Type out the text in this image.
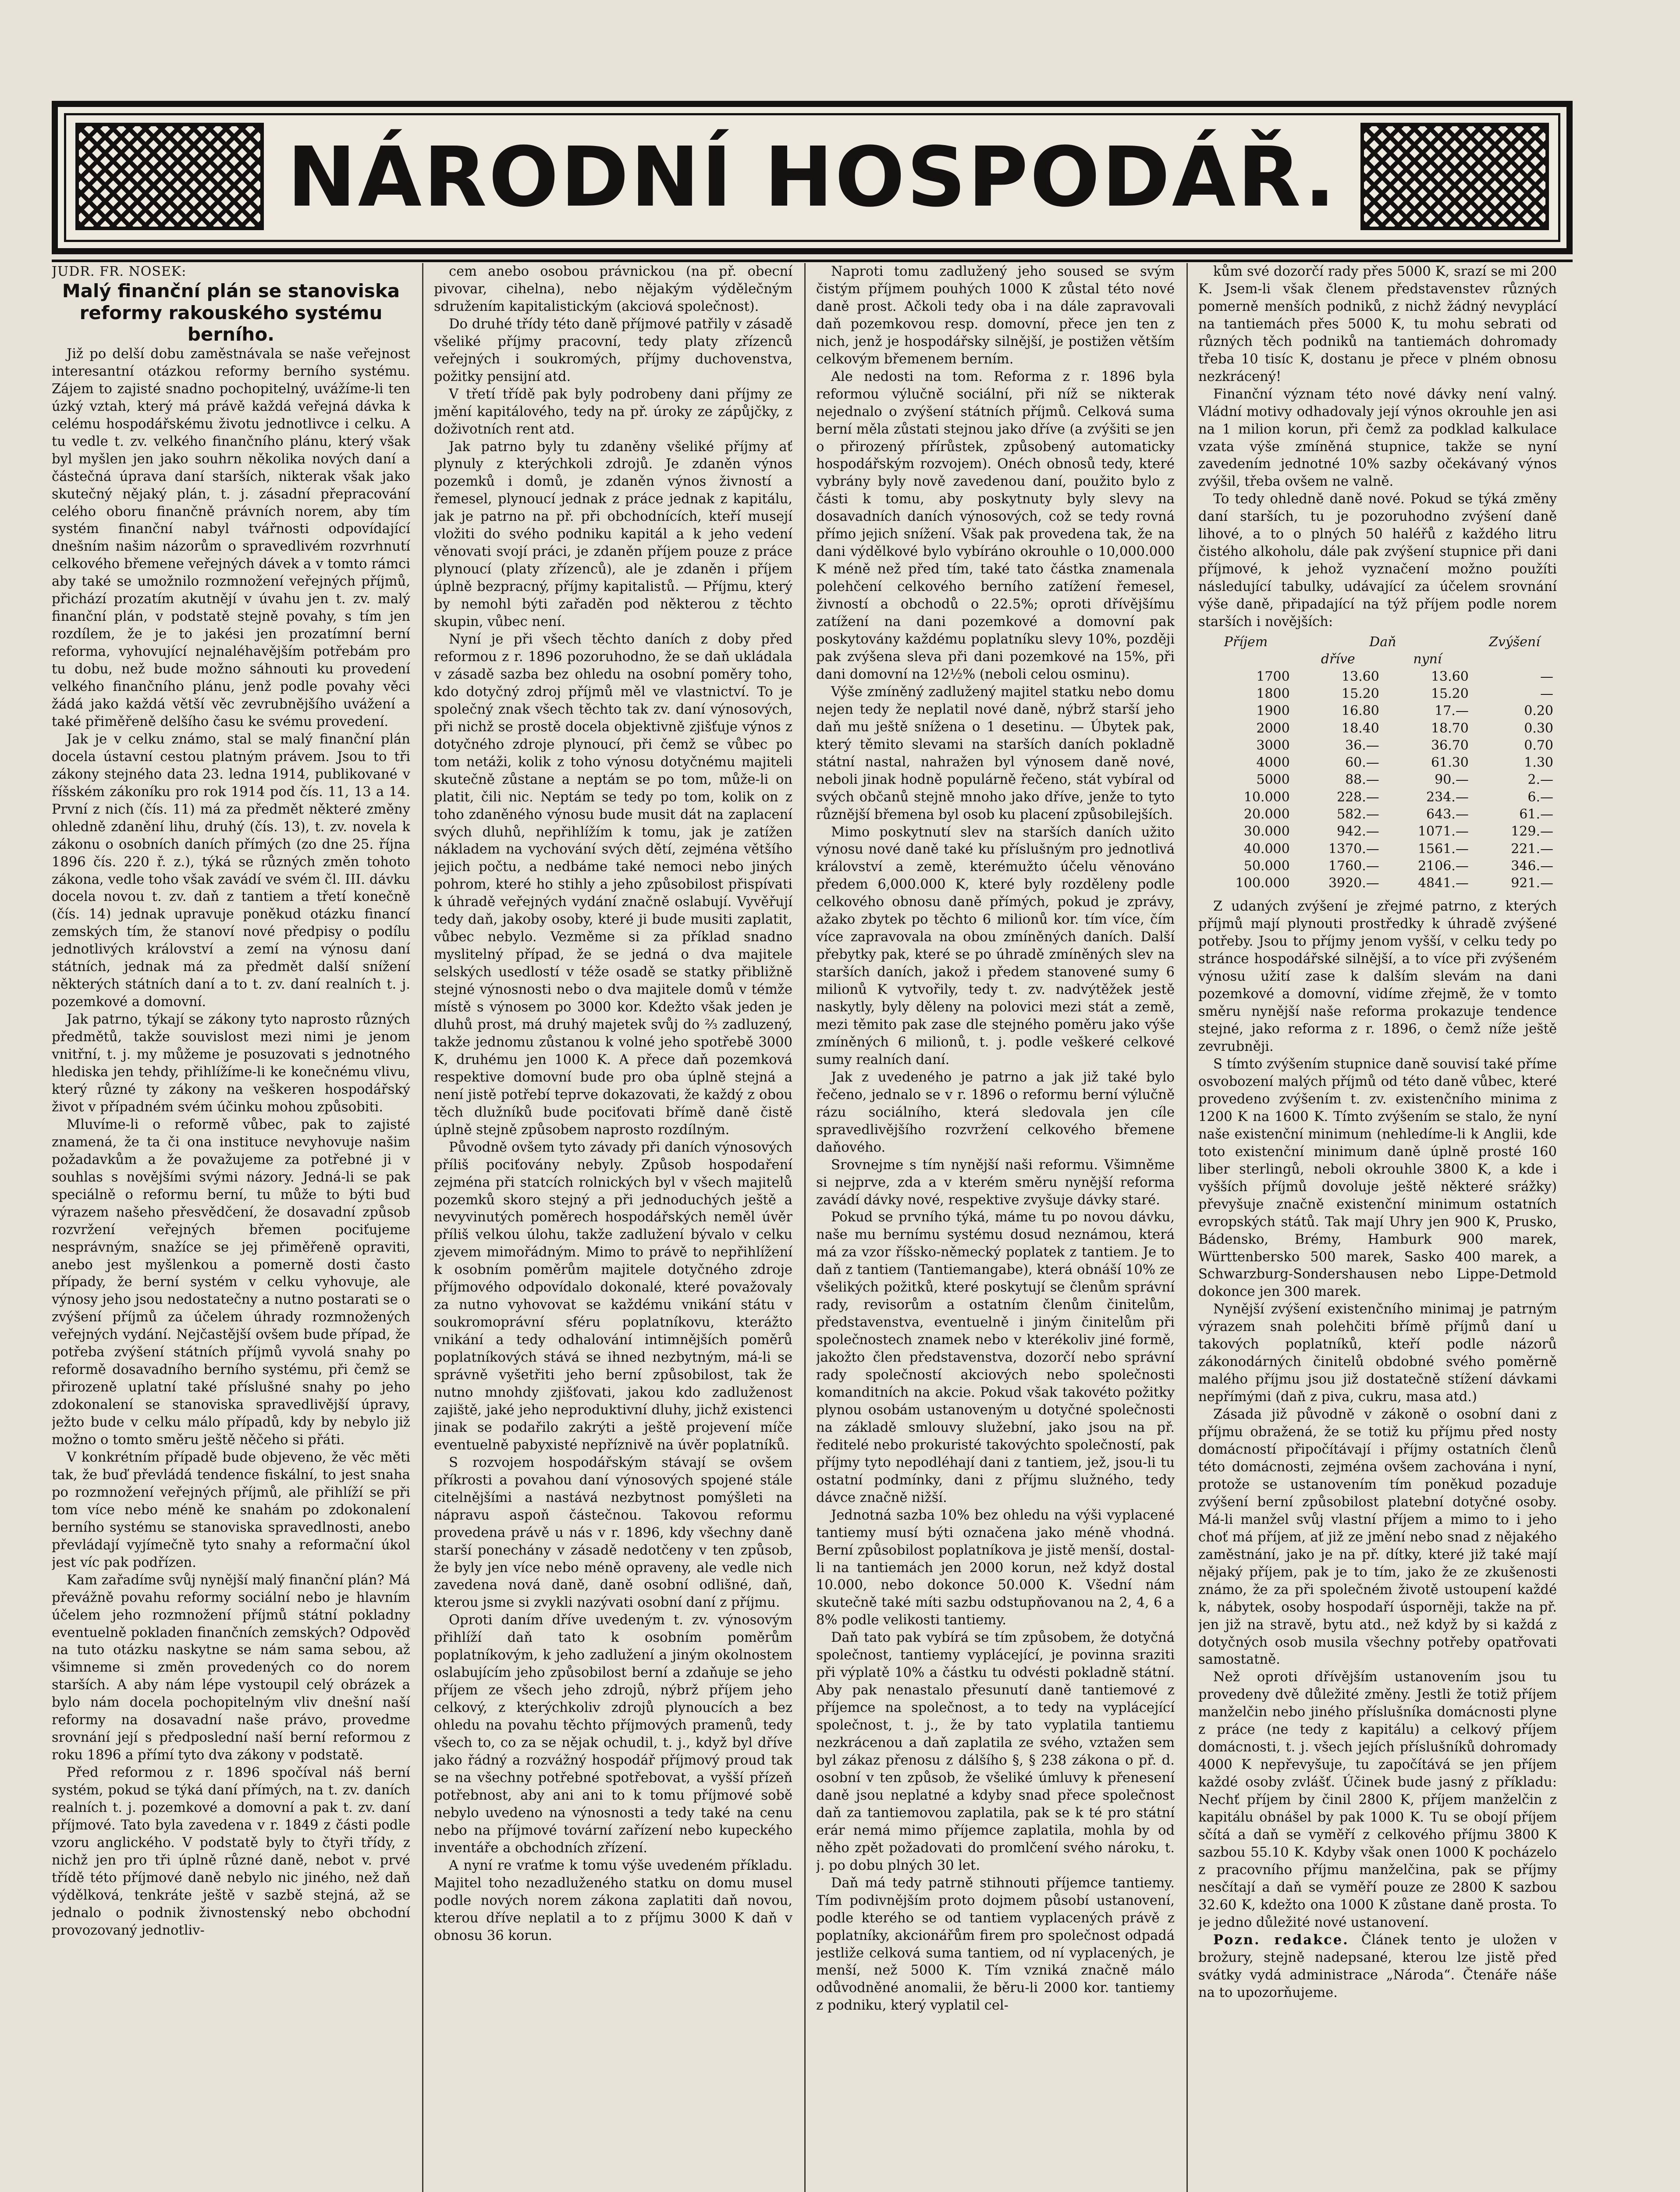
NÁRODNÍ HOSPODÁŘ.

JUDR. FR. NOSEK:

Malý finanční plán se stanoviska reformy rakouského systému berního.

Již po delší dobu zaměstnávala se naše veřejnost interesantní otázkou reformy berního systému. Zájem to zajisté snadno pochopitelný, uvážíme-li ten úzký vztah, který má právě každá veřejná dávka k celému hospodářskému životu jednotlivce i celku. A tu vedle t. zv. velkého finančního plánu, který však byl myšlen jen jako souhrn několika nových daní a částečná úprava daní starších, nikterak však jako skutečný nějaký plán, t. j. zásadní přepracování celého oboru finančně právních norem, aby tím systém finanční nabyl tvářnosti odpovídající dnešním našim názorům o spravedlivém rozvrhnutí celkového břemene veřejných dávek a v tomto rámci aby také se umožnilo rozmnožení veřejných příjmů, přichází prozatím akutnějí v úvahu jen t. zv. malý finanční plán, v podstatě stejně povahy, s tím jen rozdílem, že je to jakési jen prozatímní berní reforma, vyhovující nejnaléhavějším potřebám pro tu dobu, než bude možno sáhnouti ku provedení velkého finančního plánu, jenž podle povahy věci žádá jako každá větší věc zevrubnějšího uvážení a také přiměřeně delšího času ke svému provedení.

Jak je v celku známo, stal se malý finanční plán docela ústavní cestou platným právem. Jsou to tři zákony stejného data 23. ledna 1914, publikované v říšském zákoníku pro rok 1914 pod čís. 11, 13 a 14. První z nich (čís. 11) má za předmět některé změny ohledně zdanění lihu, druhý (čís. 13), t. zv. novela k zákonu o osobních daních přímých (zo dne 25. října 1896 čís. 220 ř. z.), týká se různých změn tohoto zákona, vedle toho však zavádí ve svém čl. III. dávku docela novou t. zv. daň z tantiem a třetí konečně (čís. 14) jednak upravuje poněkud otázku financí zemských tím, že stanoví nové předpisy o podílu jednotlivých království a zemí na výnosu daní státních, jednak má za předmět další snížení některých státních daní a to t. zv. daní realních t. j. pozemkové a domovní.

Jak patrno, týkají se zákony tyto naprosto různých předmětů, takže souvislost mezi nimi je jenom vnitřní, t. j. my můžeme je posuzovati s jednotného hlediska jen tehdy, přihlížíme-li ke konečnému vlivu, který různé ty zákony na veškeren hospodářský život v případném svém účinku mohou způsobiti.

Mluvíme-li o reformě vůbec, pak to zajisté znamená, že ta či ona instituce nevyhovuje našim požadavkům a že považujeme za potřebné ji v souhlas s novějšími svými názory. Jedná-li se pak speciálně o reformu berní, tu může to býti buď výrazem našeho přesvědčení, že dosavadní způsob rozvržení veřejných břemen pociťujeme nesprávným, snažíce se jej přiměřeně opraviti, anebo jest myšlenkou a pomerně dosti často případy, že berní systém v celku vyhovuje, ale výnosy jeho jsou nedostatečny a nutno postarati se o zvýšení příjmů za účelem úhrady rozmnožených veřejných vydání. Nejčastější ovšem bude případ, že potřeba zvýšení státních příjmů vyvolá snahy po reformě dosavadního berního systému, při čemž se přirozeně uplatní také příslušné snahy po jeho zdokonalení se stanoviska spravedlivější úpravy, ježto bude v celku málo případů, kdy by nebylo již možno o tomto směru ještě něčeho si přáti.

V konkrétním případě bude objeveno, že věc měti tak, že buď převládá tendence fiskální, to jest snaha po rozmnožení veřejných příjmů, ale přihlíží se při tom více nebo méně ke snahám po zdokonalení berního systému se stanoviska spravedlnosti, anebo převládají vyjímečně tyto snahy a reformační úkol jest víc pak podřízen.

Kam zařadíme svůj nynější malý finanční plán? Má převážně povahu reformy sociální nebo je hlavním účelem jeho rozmnožení příjmů státní pokladny eventuelně pokladen finančních zemských? Odpověď na tuto otázku naskytne se nám sama sebou, až všimneme si změn provedených co do norem starších. A aby nám lépe vystoupil celý obrázek a bylo nám docela pochopitelným vliv dnešní naší reformy na dosavadní naše právo, provedme srovnání její s předposlední naší berní reformou z roku 1896 a přímí tyto dva zákony v podstatě.

Před reformou z r. 1896 spočíval náš berní systém, pokud se týká daní přímých, na t. zv. daních realních t. j. pozemkové a domovní a pak t. zv. daní příjmové. Tato byla zavedena v r. 1849 z části podle vzoru anglického. V podstatě byly to čtyři třídy, z nichž jen pro tři úplně různé daně, nebot v. prvé třídě této příjmové daně nebylo nic jiného, než daň výdělková, tenkráte ještě v sazbě stejná, až se jednalo o podnik živnostenský nebo obchodní provozovaný jednotliv-

cem anebo osobou právnickou (na př. obecní pivovar, cihelna), nebo nějakým výdělečným sdružením kapitalistickým (akciová společnost).

Do druhé třídy této daně příjmové patřily v zásadě všeliké příjmy pracovní, tedy platy zřízenců veřejných i soukromých, příjmy duchovenstva, požitky pensijní atd.

V třetí třídě pak byly podrobeny dani příjmy ze jmění kapitálového, tedy na př. úroky ze zápůjčky, z doživotních rent atd.

Jak patrno byly tu zdaněny všeliké příjmy ať plynuly z kterýchkoli zdrojů. Je zdaněn výnos pozemků i domů, je zdaněn výnos živností a řemesel, plynoucí jednak z práce jednak z kapitálu, jak je patrno na př. při obchodnících, kteří musejí vložiti do svého podniku kapitál a k jeho vedení věnovati svojí práci, je zdaněn příjem pouze z práce plynoucí (platy zřízenců), ale je zdaněn i příjem úplně bezpracný, příjmy kapitalistů. — Příjmu, který by nemohl býti zařaděn pod některou z těchto skupin, vůbec není.

Nyní je při všech těchto daních z doby před reformou z r. 1896 pozoruhodno, že se daň ukládala v zásadě sazba bez ohledu na osobní poměry toho, kdo dotyčný zdroj příjmů měl ve vlastnictví. To je společný znak všech těchto tak zv. daní výnosových, při nichž se prostě docela objektivně zjišťuje výnos z dotyčného zdroje plynoucí, při čemž se vůbec po tom netáži, kolik z toho výnosu dotyčnému majiteli skutečně zůstane a neptám se po tom, může-li on platit, čili nic. Neptám se tedy po tom, kolik on z toho zdaněného výnosu bude musit dát na zaplacení svých dluhů, nepřihlížím k tomu, jak je zatížen nákladem na vychování svých dětí, zejména většího jejich počtu, a nedbáme také nemoci nebo jiných pohrom, které ho stihly a jeho způsobilost přispívati k úhradě veřejných vydání značně oslabují. Vyvěřují tedy daň, jakoby osoby, které ji bude musiti zaplatit, vůbec nebylo. Vezměme si za příklad snadno myslitelný případ, že se jedná o dva majitele selských usedlostí v téže osadě se statky přibližně stejné výnosnosti nebo o dva majitele domů v témže místě s výnosem po 3000 kor. Kdežto však jeden je dluhů prost, má druhý majetek svůj do ⅔ zadluzený, takže jednomu zůstanou k volné jeho spotřebě 3000 K, druhému jen 1000 K. A přece daň pozemková respektive domovní bude pro oba úplně stejná a není jistě potřebí teprve dokazovati, že každý z obou těch dlužníků bude pociťovati břímě daně čistě úplně stejně způsobem naprosto rozdílným.

Původně ovšem tyto závady při daních výnosových příliš pociťovány nebyly. Způsob hospodaření zejména při statcích rolnických byl v všech majitelů pozemků skoro stejný a při jednoduchých ještě a nevyvinutých poměrech hospodářských neměl úvěr příliš velkou úlohu, takže zadlužení bývalo v celku zjevem mimořádným. Mimo to právě to nepřihlížení k osobním poměrům majitele dotyčného zdroje příjmového odpovídalo dokonalé, které považovaly za nutno vyhovovat se každému vnikání státu v soukromoprávní sféru poplatníkovu, kterážto vnikání a tedy odhalování intimnějších poměrů poplatníkových stává se ihned nezbytným, má-li se správně vyšetřiti jeho berní způsobilost, tak že nutno mnohdy zjišťovati, jakou kdo zadluženost zajiště, jaké jeho neproduktivní dluhy, jichž existenci jinak se podařilo zakrýti a ještě projevení míče eventuelně pabyxisté nepříznivě na úvěr poplatníků.

S rozvojem hospodářským stávají se ovšem příkrosti a povahou daní výnosových spojené stále citelnějšími a nastává nezbytnost pomýšleti na nápravu aspoň částečnou. Takovou reformu provedena právě u nás v r. 1896, kdy všechny daně starší ponechány v zásadě nedotčeny v ten způsob, že byly jen více nebo méně opraveny, ale vedle nich zavedena nová daně, daně osobní odlišné, daň, kterou jsme si zvykli nazývati osobní daní z příjmu.

Oproti daním dříve uvedeným t. zv. výnosovým přihlíží daň tato k osobním poměrům poplatníkovým, k jeho zadlužení a jiným okolnostem oslabujícím jeho způsobilost berní a zdaňuje se jeho příjem ze všech jeho zdrojů, nýbrž příjem jeho celkový, z kterýchkoliv zdrojů plynoucích a bez ohledu na povahu těchto příjmových pramenů, tedy všech to, co za se nějak ochudil, t. j., když byl dříve jako řádný a rozvážný hospodář příjmový proud tak se na všechny potřebné spotřebovat, a vyšší přízeň potřebnost, aby ani ani to k tomu příjmové sobě nebylo uvedeno na výnosnosti a tedy také na cenu nebo na příjmové tovární zařízení nebo kupeckého inventáře a obchodních zřízení.

A nyní re vraťme k tomu výše uvedeném příkladu. Majitel toho nezadluženého statku on domu musel podle nových norem zákona zaplatiti daň novou, kterou dříve neplatil a to z příjmu 3000 K daň v obnosu 36 korun.

Naproti tomu zadlužený jeho soused se svým čistým příjmem pouhých 1000 K zůstal této nové daně prost. Ačkoli tedy oba i na dále zapravovali daň pozemkovou resp. domovní, přece jen ten z nich, jenž je hospodářsky silnější, je postižen větším celkovým břemenem berním.

Ale nedosti na tom. Reforma z r. 1896 byla reformou výlučně sociální, při níž se nikterak nejednalo o zvýšení státních příjmů. Celková suma berní měla zůstati stejnou jako dříve (a zvýšiti se jen o přirozený přírůstek, způsobený automaticky hospodářským rozvojem). Onéch obnosů tedy, které vybrány byly nově zavedenou daní, použito bylo z části k tomu, aby poskytnuty byly slevy na dosavadních daních výnosových, což se tedy rovná přímo jejich snížení. Však pak provedena tak, že na dani výdělkové bylo vybíráno okrouhle o 10,000.000 K méně než před tím, také tato částka znamenala polehčení celkového berního zatížení řemesel, živností a obchodů o 22.5%; oproti dřívějšímu zatížení na dani pozemkové a domovní pak poskytovány každému poplatníku slevy 10%, později pak zvýšena sleva při dani pozemkové na 15%, při dani domovní na 12½% (neboli celou osminu).

Výše zmíněný zadlužený majitel statku nebo domu nejen tedy že neplatil nové daně, nýbrž starší jeho daň mu ještě snížena o 1 desetinu. — Úbytek pak, který těmito slevami na starších daních pokladně státní nastal, nahražen byl výnosem daně nové, neboli jinak hodně populárně řečeno, stát vybíral od svých občanů stejně mnoho jako dříve, jenže to tyto různější břemena byl osob ku placení způsobilejších.

Mimo poskytnutí slev na starších daních užito výnosu nové daně také ku příslušným pro jednotlivá království a země, kterémužto účelu věnováno předem 6,000.000 K, které byly rozděleny podle celkového obnosu daně přímých, pokud je zprávy, ažako zbytek po těchto 6 milionů kor. tím více, čím více zapravovala na obou zmíněných daních. Další přebytky pak, které se po úhradě zmíněných slev na starších daních, jakož i předem stanovené sumy 6 milionů K vytvořily, tedy t. zv. nadvýtěžek jestě naskytly, byly děleny na polovici mezi stát a země, mezi těmito pak zase dle stejného poměru jako výše zmíněných 6 milionů, t. j. podle veškeré celkové sumy realních daní.

Jak z uvedeného je patrno a jak již také bylo řečeno, jednalo se v r. 1896 o reformu berní výlučně rázu sociálního, která sledovala jen cíle spravedlivějšího rozvržení celkového břemene daňového.

Srovnejme s tím nynější naši reformu. Všimněme si nejprve, zda a v kterém směru nynější reforma zavádí dávky nové, respektive zvyšuje dávky staré.

Pokud se prvního týká, máme tu po novou dávku, naše mu bernímu systému dosud neznámou, která má za vzor říšsko-německý poplatek z tantiem. Je to daň z tantiem (Tantiemangabe), která obnáší 10% ze všelikých požitků, které poskytují se členům správní rady, revisorům a ostatním členům činitelům, představenstva, eventuelně i jiným činitelům při společnostech znamek nebo v kterékoliv jiné formě, jakožto člen představenstva, dozorčí nebo správní rady společností akciových nebo společnosti komanditních na akcie. Pokud však takovéto požitky plynou osobám ustanoveným u dotyčné společnosti na základě smlouvy služební, jako jsou na př. ředitelé nebo prokuristé takovýchto společností, pak příjmy tyto nepodléhají dani z tantiem, jež, jsou-li tu ostatní podmínky, dani z příjmu služného, tedy dávce značně nižší.

Jednotná sazba 10% bez ohledu na výši vyplacené tantiemy musí býti označena jako méně vhodná. Berní způsobilost poplatníkova je jistě menší, dostal-li na tantiemách jen 2000 korun, než když dostal 10.000, nebo dokonce 50.000 K. Všední nám skutečně také míti sazbu odstupňovanou na 2, 4, 6 a 8% podle velikosti tantiemy.

Daň tato pak vybírá se tím způsobem, že dotyčná společnost, tantiemy vyplácející, je povinna sraziti při výplatě 10% a částku tu odvésti pokladně státní. Aby pak nenastalo přesunutí daně tantiemové z příjemce na společnost, a to tedy na vyplácející společnost, t. j., že by tato vyplatila tantiemu nezkrácenou a daň zaplatila ze svého, vztažen sem byl zákaz přenosu z dálšího §, § 238 zákona o př. d. osobní v ten způsob, že všeliké úmluvy k přenesení daně jsou neplatné a kdyby snad přece společnost daň za tantiemovou zaplatila, pak se k té pro státní erár nemá mimo příjemce zaplatila, mohla by od něho zpět požadovati do promlčení svého nároku, t. j. po dobu plných 30 let.

Daň má tedy patrně stihnouti příjemce tantiemy. Tím podivnějším proto dojmem působí ustanovení, podle kterého se od tantiem vyplacených právě z poplatníky, akcionářům firem pro společnost odpadá jestliže celková suma tantiem, od ní vyplacených, je menší, než 5000 K. Tím vzniká značně málo odůvodněné anomalii, že běru-li 2000 kor. tantiemy z podniku, který vyplatil cel-

kům své dozorčí rady přes 5000 K, srazí se mi 200 K. Jsem-li však členem představenstev různých pomerně menších podniků, z nichž žádný nevyplácí na tantiemách přes 5000 K, tu mohu sebrati od různých těch podniků na tantiemách dohromady třeba 10 tisíc K, dostanu je přece v plném obnosu nezkrácený!

Finanční význam této nové dávky není valný. Vládní motivy odhadovaly její výnos okrouhle jen asi na 1 milion korun, při čemž za podklad kalkulace vzata výše zmíněná stupnice, takže se nyní zavedením jednotné 10% sazby očekávaný výnos zvýšil, třeba ovšem ne valně.

To tedy ohledně daně nové. Pokud se týká změny daní starších, tu je pozoruhodno zvýšení daně lihové, a to o plných 50 haléřů z každého litru čistého alkoholu, dále pak zvýšení stupnice při dani příjmové, k jehož vyznačení možno použíti následující tabulky, udávající za účelem srovnání výše daně, připadající na týž příjem podle norem starších i novějších:

Příjem	Daň		Zvýšení
	dříve	nyní	
1700	13.60	13.60	—
1800	15.20	15.20	—
1900	16.80	17.—	0.20
2000	18.40	18.70	0.30
3000	36.—	36.70	0.70
4000	60.—	61.30	1.30
5000	88.—	90.—	2.—
10.000	228.—	234.—	6.—
20.000	582.—	643.—	61.—
30.000	942.—	1071.—	129.—
40.000	1370.—	1561.—	221.—
50.000	1760.—	2106.—	346.—
100.000	3920.—	4841.—	921.—

Z udaných zvýšení je zřejmé patrno, z kterých příjmů mají plynouti prostředky k úhradě zvýšené potřeby. Jsou to příjmy jenom vyšší, v celku tedy po stránce hospodářské silnější, a to více při zvýšeném výnosu užití zase k dalším slevám na dani pozemkové a domovní, vidíme zřejmě, že v tomto směru nynější naše reforma prokazuje tendence stejné, jako reforma z r. 1896, o čemž níže ještě zevrubněji.

S tímto zvýšením stupnice daně souvisí také příme osvobození malých příjmů od této daně vůbec, které provedeno zvýšením t. zv. existenčního minima z 1200 K na 1600 K. Tímto zvýšením se stalo, že nyní naše existenční minimum (nehledíme-li k Anglii, kde toto existenční minimum daně úplně prosté 160 liber sterlingů, neboli okrouhle 3800 K, a kde i vyšších příjmů dovoluje ještě některé srážky) převyšuje značně existenční minimum ostatních evropských států. Tak mají Uhry jen 900 K, Prusko, Bádensko, Brémy, Hamburk 900 marek, Württenbersko 500 marek, Sasko 400 marek, a Schwarzburg-Sondershausen nebo Lippe-Detmold dokonce jen 300 marek.

Nynější zvýšení existenčního minimaj je patrným výrazem snah polehčiti břímě příjmů daní u takových poplatníků, kteří podle názorů zákonodárných činitelů obdobné svého poměrně malého příjmu jsou již dostatečně stížení dávkami nepřímými (daň z piva, cukru, masa atd.)

Zásada již původně v zákoně o osobní dani z příjmu obražená, že se totiž ku příjmu před nosty domácností připočítávají i příjmy ostatních členů této domácnosti, zejména ovšem zachována i nyní, protože se ustanovením tím poněkud pozaduje zvýšení berní způsobilost platební dotyčné osoby. Má-li manžel svůj vlastní příjem a mimo to i jeho choť má příjem, ať již ze jmění nebo snad z nějakého zaměstnání, jako je na př. dítky, které již také mají nějaký příjem, pak je to tím, jako že ze zkušenosti známo, že za při společném životě ustoupení každé k, nábytek, osoby hospodaří úsporněji, takže na př. jen již na stravě, bytu atd., než když by si každá z dotyčných osob musila všechny potřeby opatřovati samostatně.

Než oproti dřívějším ustanovením jsou tu provedeny dvě důležité změny. Jestli že totiž příjem manželčin nebo jiného příslušníka domácnosti plyne z práce (ne tedy z kapitálu) a celkový příjem domácnosti, t. j. všech jejích příslušníků dohromady 4000 K nepřevyšuje, tu započítává se jen příjem každé osoby zvlášť. Účinek bude jasný z příkladu: Nechť příjem by činil 2800 K, příjem manželčin z kapitálu obnášel by pak 1000 K. Tu se obojí příjem sčítá a daň se vyměří z celkového příjmu 3800 K sazbou 55.10 K. Kdyby však onen 1000 K pocházelo z pracovního příjmu manželčina, pak se příjmy nesčítají a daň se vyměří pouze ze 2800 K sazbou 32.60 K, kdežto ona 1000 K zůstane daně prosta. To je jedno důležité nové ustanovení.

Pozn. redakce. Článek tento je uložen v brožury, stejně nadepsané, kterou lze jistě před svátky vydá administrace „Národa“. Čtenáře náše na to upozorňujeme.
